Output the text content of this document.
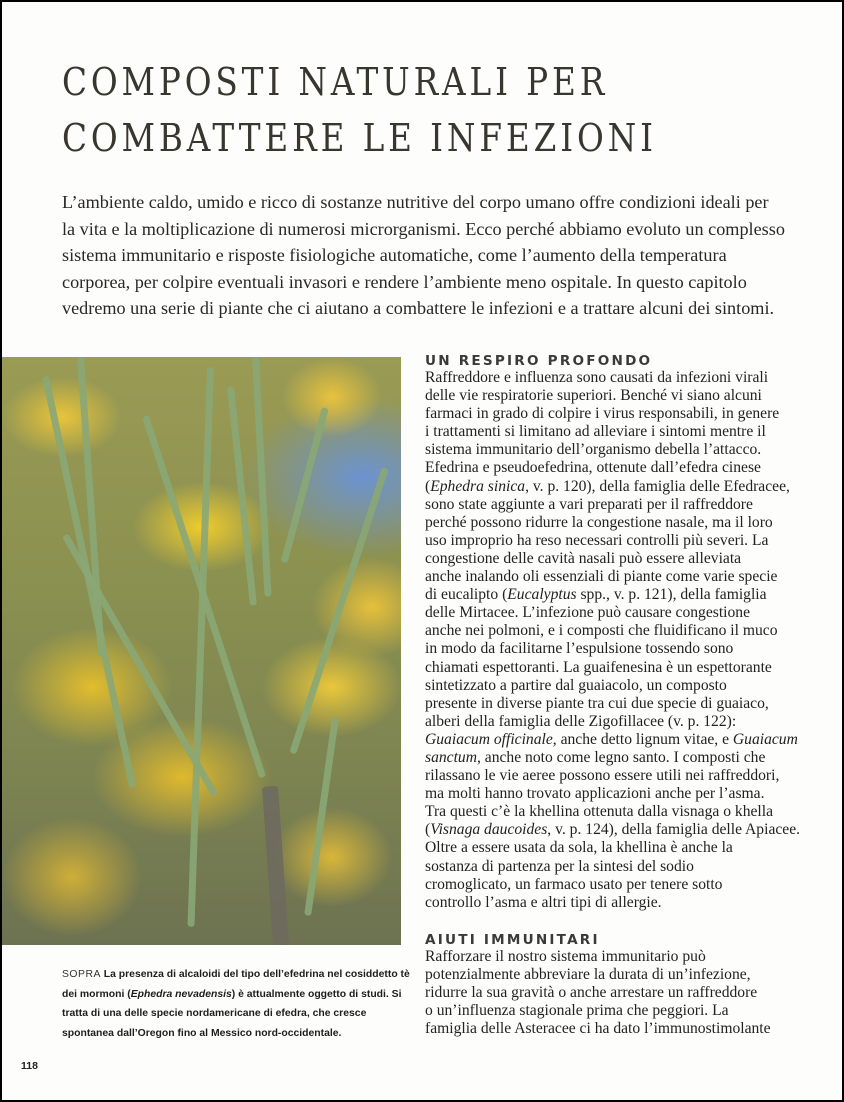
COMPOSTI NATURALI PER
COMBATTERE LE INFEZIONI
L’ambiente caldo, umido e ricco di sostanze nutritive del corpo umano offre condizioni ideali per
la vita e la moltiplicazione di numerosi microrganismi. Ecco perché abbiamo evoluto un complesso
sistema immunitario e risposte fisiologiche automatiche, come l’aumento della temperatura
corporea, per colpire eventuali invasori e rendere l’ambiente meno ospitale. In questo capitolo
vedremo una serie di piante che ci aiutano a combattere le infezioni e a trattare alcuni dei sintomi.
SOPRA La presenza di alcaloidi del tipo dell’efedrina nel cosiddetto tè
dei mormoni (Ephedra nevadensis) è attualmente oggetto di studi. Si
tratta di una delle specie nordamericane di efedra, che cresce
spontanea dall’Oregon fino al Messico nord-occidentale.
118
UN RESPIRO PROFONDO
Raffreddore e influenza sono causati da infezioni virali
delle vie respiratorie superiori. Benché vi siano alcuni
farmaci in grado di colpire i virus responsabili, in genere
i trattamenti si limitano ad alleviare i sintomi mentre il
sistema immunitario dell’organismo debella l’attacco.
Efedrina e pseudoefedrina, ottenute dall’efedra cinese
(Ephedra sinica, v. p. 120), della famiglia delle Efedracee,
sono state aggiunte a vari preparati per il raffreddore
perché possono ridurre la congestione nasale, ma il loro
uso improprio ha reso necessari controlli più severi. La
congestione delle cavità nasali può essere alleviata
anche inalando oli essenziali di piante come varie specie
di eucalipto (Eucalyptus spp., v. p. 121), della famiglia
delle Mirtacee. L’infezione può causare congestione
anche nei polmoni, e i composti che fluidificano il muco
in modo da facilitarne l’espulsione tossendo sono
chiamati espettoranti. La guaifenesina è un espettorante
sintetizzato a partire dal guaiacolo, un composto
presente in diverse piante tra cui due specie di guaiaco,
alberi della famiglia delle Zigofillacee (v. p. 122):
Guaiacum officinale, anche detto lignum vitae, e Guaiacum
sanctum, anche noto come legno santo. I composti che
rilassano le vie aeree possono essere utili nei raffreddori,
ma molti hanno trovato applicazioni anche per l’asma.
Tra questi c’è la khellina ottenuta dalla visnaga o khella
(Visnaga daucoides, v. p. 124), della famiglia delle Apiacee.
Oltre a essere usata da sola, la khellina è anche la
sostanza di partenza per la sintesi del sodio
cromoglicato, un farmaco usato per tenere sotto
controllo l’asma e altri tipi di allergie.
AIUTI IMMUNITARI
Rafforzare il nostro sistema immunitario può
potenzialmente abbreviare la durata di un’infezione,
ridurre la sua gravità o anche arrestare un raffreddore
o un’influenza stagionale prima che peggiori. La
famiglia delle Asteracee ci ha dato l’immunostimolante
